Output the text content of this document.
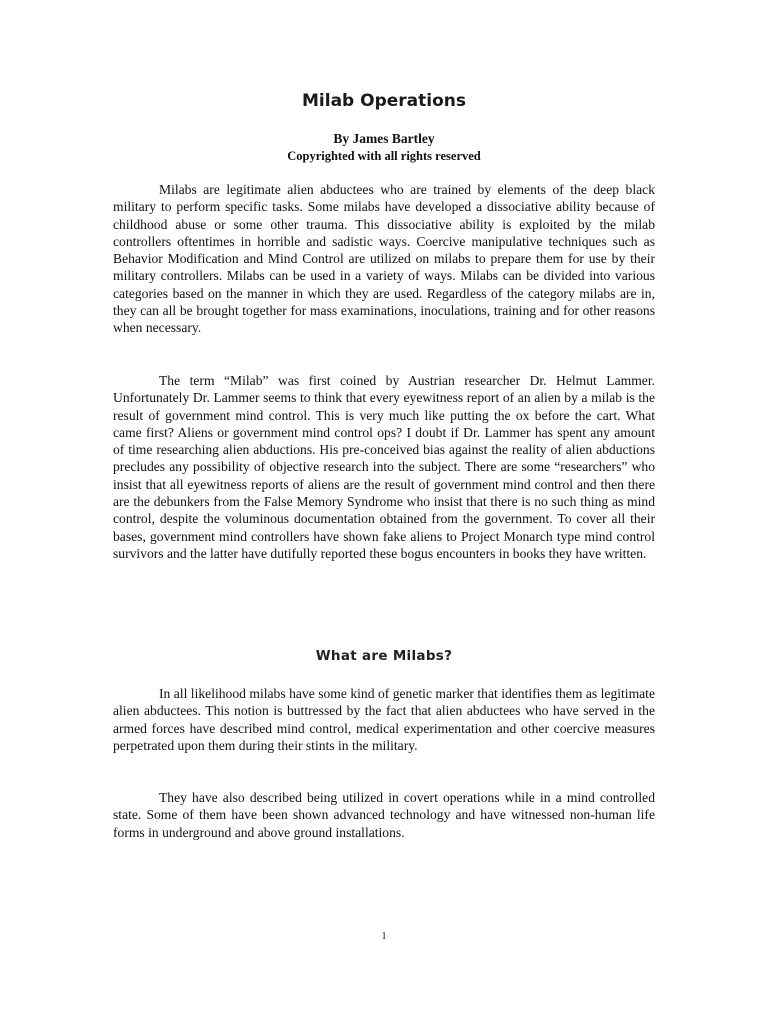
Milab Operations
By James Bartley
Copyrighted with all rights reserved

Milabs are legitimate alien abductees who are trained by elements of the deep black military to perform specific tasks. Some milabs have developed a dissociative ability because of childhood abuse or some other trauma. This dissociative ability is exploited by the milab controllers oftentimes in horrible and sadistic ways. Coercive manipulative techniques such as Behavior Modification and Mind Control are utilized on milabs to prepare them for use by their military controllers. Milabs can be used in a variety of ways. Milabs can be divided into various categories based on the manner in which they are used. Regardless of the category milabs are in, they can all be brought together for mass examinations, inoculations, training and for other reasons when necessary.

The term “Milab” was first coined by Austrian researcher Dr. Helmut Lammer. Unfortunately Dr. Lammer seems to think that every eyewitness report of an alien by a milab is the result of government mind control. This is very much like putting the ox before the cart. What came first? Aliens or government mind control ops? I doubt if Dr. Lammer has spent any amount of time researching alien abductions. His pre-conceived bias against the reality of alien abductions precludes any possibility of objective research into the subject. There are some “researchers” who insist that all eyewitness reports of aliens are the result of government mind control and then there are the debunkers from the False Memory Syndrome who insist that there is no such thing as mind control, despite the voluminous documentation obtained from the government. To cover all their bases, government mind controllers have shown fake aliens to Project Monarch type mind control survivors and the latter have dutifully reported these bogus encounters in books they have written.

What are Milabs?

In all likelihood milabs have some kind of genetic marker that identifies them as legitimate alien abductees. This notion is buttressed by the fact that alien abductees who have served in the armed forces have described mind control, medical experimentation and other coercive measures perpetrated upon them during their stints in the military.

They have also described being utilized in covert operations while in a mind controlled state. Some of them have been shown advanced technology and have witnessed non-human life forms in underground and above ground installations.

1
